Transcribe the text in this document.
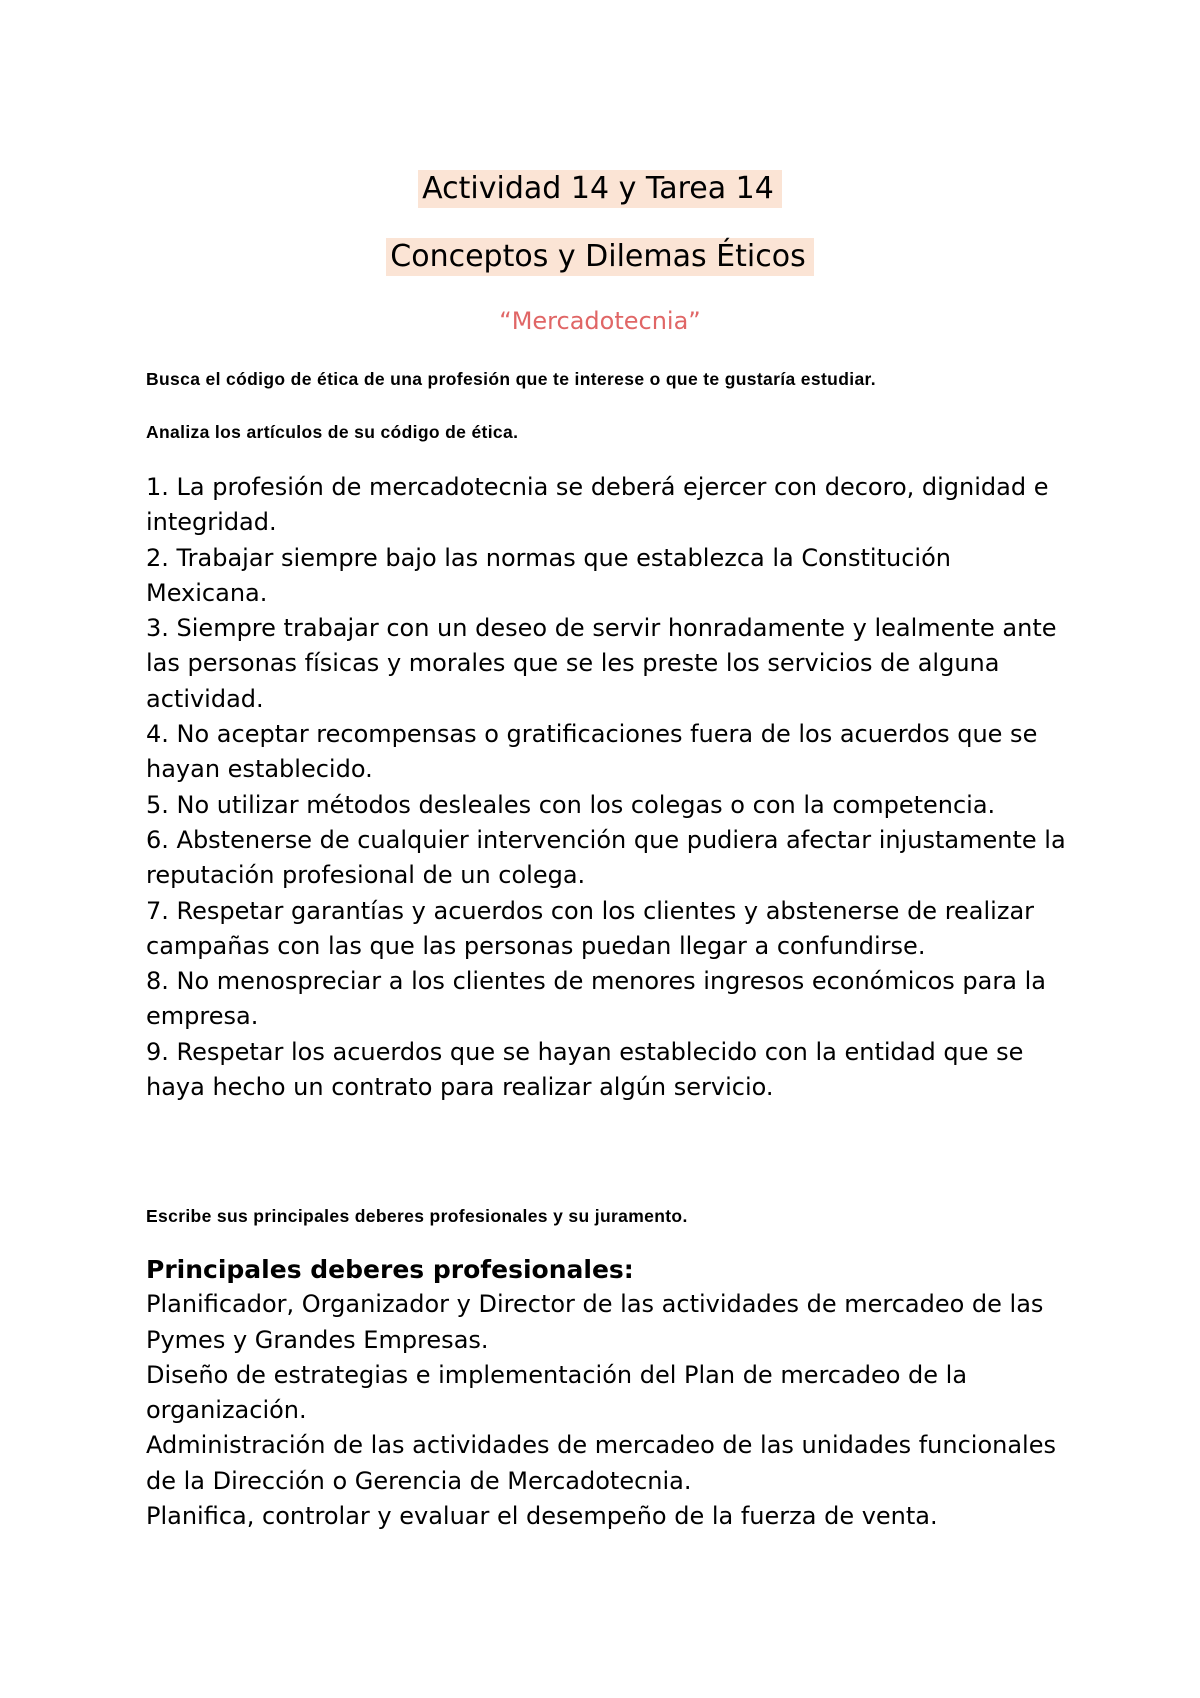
Actividad 14 y Tarea 14
Conceptos y Dilemas Éticos
“Mercadotecnia”
Busca el código de ética de una profesión que te interese o que te gustaría estudiar.
Analiza los artículos de su código de ética.
1. La profesión de mercadotecnia se deberá ejercer con decoro, dignidad e integridad.
2. Trabajar siempre bajo las normas que establezca la Constitución Mexicana.
3. Siempre trabajar con un deseo de servir honradamente y lealmente ante las personas físicas y morales que se les preste los servicios de alguna actividad.
4. No aceptar recompensas o gratificaciones fuera de los acuerdos que se hayan establecido.
5. No utilizar métodos desleales con los colegas o con la competencia.
6. Abstenerse de cualquier intervención que pudiera afectar injustamente la reputación profesional de un colega.
7. Respetar garantías y acuerdos con los clientes y abstenerse de realizar campañas con las que las personas puedan llegar a confundirse.
8. No menospreciar a los clientes de menores ingresos económicos para la empresa.
9. Respetar los acuerdos que se hayan establecido con la entidad que se haya hecho un contrato para realizar algún servicio.
Escribe sus principales deberes profesionales y su juramento.

Principales deberes profesionales:

Planificador, Organizador y Director de las actividades de mercadeo de las Pymes y Grandes Empresas.

Diseño de estrategias e implementación del Plan de mercadeo de la organización.

Administración de las actividades de mercadeo de las unidades funcionales de la Dirección o Gerencia de Mercadotecnia.

Planifica, controlar y evaluar el desempeño de la fuerza de venta.
